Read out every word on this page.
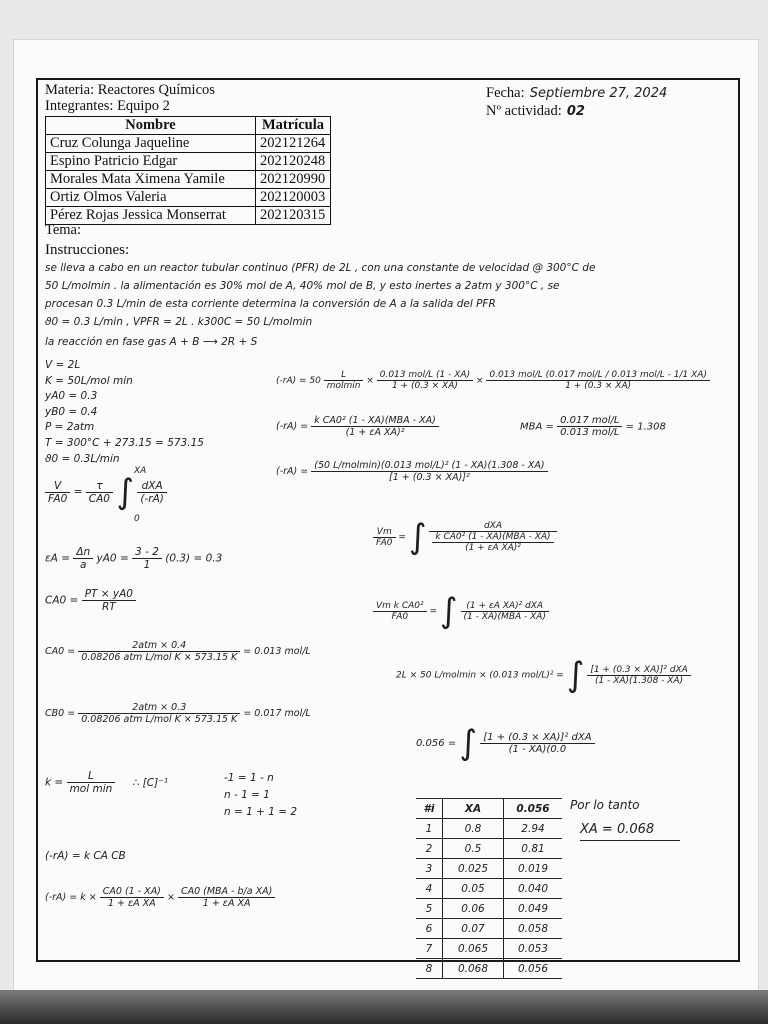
Materia: Reactores Químicos
Integrantes: Equipo 2
Fecha: Septiembre 27, 2024
Nº actividad: 02
Nombre	Matrícula
Cruz Colunga Jaqueline	202121264
Espino Patricio Edgar	202120248
Morales Mata Ximena Yamile	202120990
Ortiz Olmos Valeria	202120003
Pérez Rojas Jessica Monserrat	202120315
Tema:
Instrucciones:
se lleva a cabo en un reactor tubular continuo (PFR) de 2L , con una constante de velocidad @ 300°C de
50 L/molmin . la alimentación es 30% mol de A, 40% mol de B, y esto inertes a 2atm y 300°C , se
procesan 0.3 L/min de esta corriente determina la conversión de A a la salida del PFR
ϑ0 = 0.3 L/min , VPFR = 2L . k300C = 50 L/molmin
la reacción en fase gas A + B ⟶ 2R + S
V = 2L
K = 50L/mol min
yA0 = 0.3
yB0 = 0.4
P = 2atm
T = 300°C + 273.15 = 573.15
ϑ0 = 0.3L/min
$\frac{V}{FA0} = \frac{\tau}{CA0}$ ∫ $\frac{\text{dXA}}{(-rA)}$
XA
0
$\varepsilon A = \frac{\Delta n}{a} yA0 = \frac{3 - 2}{1} (0.3) = 0.3$
$CA0 = \frac{PT \times yA0}{RT}$
$CA0 = \frac{\text{2atm × 0.4}}{\text{0.08206 atm L/mol K × 573.15 K}} = 0.013$ mol/L
$CB0 = \frac{\text{2atm × 0.3}}{\text{0.08206 atm L/mol K × 573.15 K}} = 0.017$ mol/L
$k = \frac{L}{\text{mol min}}$ ∴ [C]⁻¹	-1 = 1 - n
n - 1 = 1
n = 1 + 1 = 2
(-rA) = k CA CB
$(-rA) = k \times \frac{CA0 (1 - XA)}{\text{1 + εA XA}} \times \frac{\text{CA0 (MBA - b/a XA)}}{\text{1 + εA XA}}$
$(-rA) = 50 \frac{L}{\text{molmin}} \times \frac{\text{0.013 mol/L (1 - XA)}}{1 + (0.3 \times XA)} \times \frac{\text{0.013 mol/L (0.017 mol/L / 0.013 mol/L - 1/1 XA)}}{1 + (0.3 \times XA)}$
$(-rA) = \frac{\text{k CA0² (1 - XA)(MBA - XA)}}{\text{(1 + εA XA)²}}$	MBA = $\frac{\text{0.017 mol/L}}{\text{0.013 mol/L}} = 1.308$
$(-rA) = \frac{\text{(50 L/molmin)(0.013 mol/L)² (1 - XA)(1.308 - XA)}}{\text{[1 + (0.3 × XA)]²}}$
$\frac{Vm}{FA0}$ = ∫ $\frac{\text{dXA}}{\frac{\text{k CA0² (1 - XA)(MBA - XA)}}{\text{(1 + εA XA)²}}}$
$\frac{\text{Vm k CA0²}}{FA0}$ = ∫ $\frac{\text{(1 + εA XA)² dXA}}{\text{(1 - XA)(MBA - XA)}}$
2L × 50 L/molmin × (0.013 mol/L)² = ∫ $\frac{\text{[1 + (0.3 × XA)]² dXA}}{(1 - XA)(1.308 - XA)}$
0.056 = ∫ $\frac{\text{[1 + (0.3 × XA)]² dXA}}{(1 - XA)(0.0}$
#i	XA	0.056
1	0.8	2.94
2	0.5	0.81
3	0.025	0.019
4	0.05	0.040
5	0.06	0.049
6	0.07	0.058
7	0.065	0.053
8	0.068	0.056
Por lo tanto
XA = 0.068
